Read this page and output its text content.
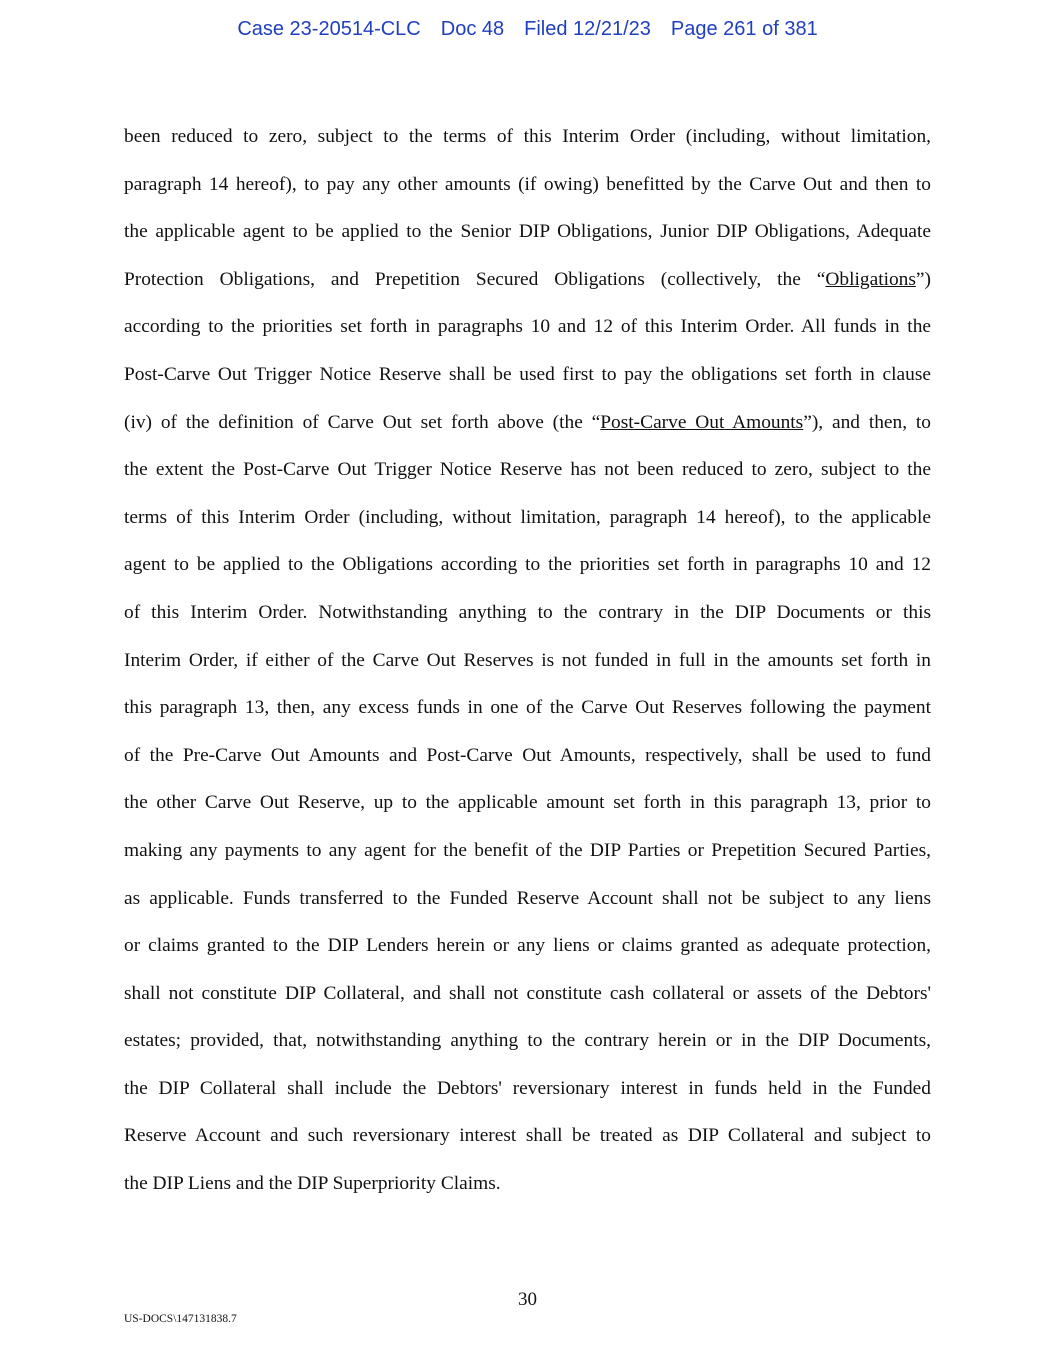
Case 23-20514-CLC Doc 48 Filed 12/21/23 Page 261 of 381
been reduced to zero, subject to the terms of this Interim Order (including, without limitation,
paragraph 14 hereof), to pay any other amounts (if owing) benefitted by the Carve Out and then to
the applicable agent to be applied to the Senior DIP Obligations, Junior DIP Obligations, Adequate
Protection Obligations, and Prepetition Secured Obligations (collectively, the “Obligations”)
according to the priorities set forth in paragraphs 10 and 12 of this Interim Order. All funds in the
Post-Carve Out Trigger Notice Reserve shall be used first to pay the obligations set forth in clause
(iv) of the definition of Carve Out set forth above (the “Post-Carve Out Amounts”), and then, to
the extent the Post-Carve Out Trigger Notice Reserve has not been reduced to zero, subject to the
terms of this Interim Order (including, without limitation, paragraph 14 hereof), to the applicable
agent to be applied to the Obligations according to the priorities set forth in paragraphs 10 and 12
of this Interim Order. Notwithstanding anything to the contrary in the DIP Documents or this
Interim Order, if either of the Carve Out Reserves is not funded in full in the amounts set forth in
this paragraph 13, then, any excess funds in one of the Carve Out Reserves following the payment
of the Pre-Carve Out Amounts and Post-Carve Out Amounts, respectively, shall be used to fund
the other Carve Out Reserve, up to the applicable amount set forth in this paragraph 13, prior to
making any payments to any agent for the benefit of the DIP Parties or Prepetition Secured Parties,
as applicable. Funds transferred to the Funded Reserve Account shall not be subject to any liens
or claims granted to the DIP Lenders herein or any liens or claims granted as adequate protection,
shall not constitute DIP Collateral, and shall not constitute cash collateral or assets of the Debtors'
estates; provided, that, notwithstanding anything to the contrary herein or in the DIP Documents,
the DIP Collateral shall include the Debtors' reversionary interest in funds held in the Funded
Reserve Account and such reversionary interest shall be treated as DIP Collateral and subject to
the DIP Liens and the DIP Superpriority Claims.
30
US-DOCS\147131838.7
